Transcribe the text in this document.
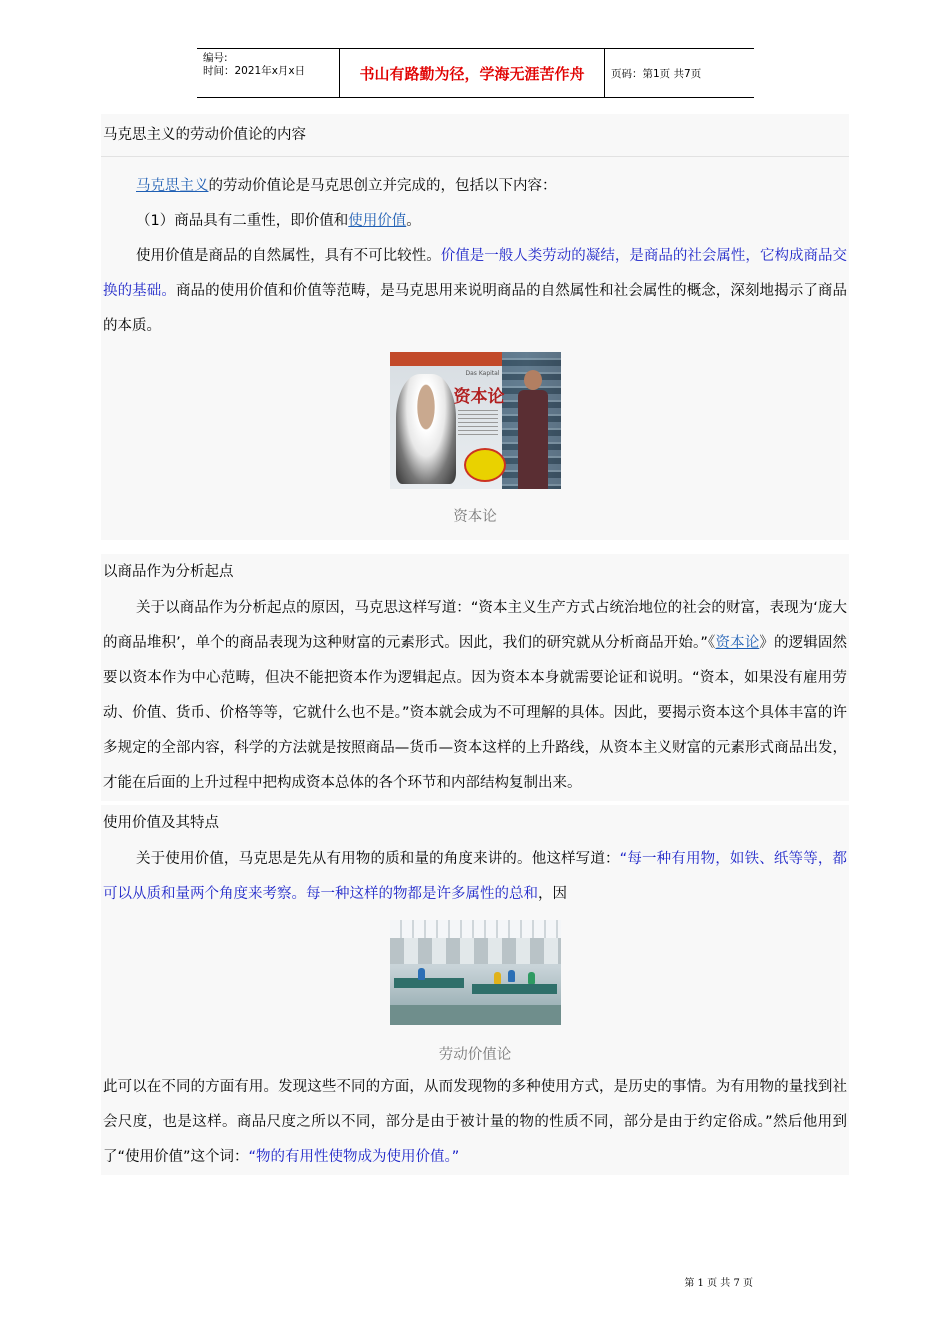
编号:
时间：2021年x月x日	书山有路勤为径，学海无涯苦作舟	页码：第1页 共7页
马克思主义的劳动价值论的内容

马克思主义的劳动价值论是马克思创立并完成的，包括以下内容：

（1）商品具有二重性，即价值和使用价值。

使用价值是商品的自然属性，具有不可比较性。价值是一般人类劳动的凝结，是商品的社会属性，它构成商品交换的基础。商品的使用价值和价值等范畴，是马克思用来说明商品的自然属性和社会属性的概念，深刻地揭示了商品的本质。

Das Kapital
资本论
资本论
以商品作为分析起点

关于以商品作为分析起点的原因，马克思这样写道：“资本主义生产方式占统治地位的社会的财富，表现为‘庞大的商品堆积’，单个的商品表现为这种财富的元素形式。因此，我们的研究就从分析商品开始。”《资本论》的逻辑固然要以资本作为中心范畴，但决不能把资本作为逻辑起点。因为资本本身就需要论证和说明。“资本，如果没有雇用劳动、价值、货币、价格等等，它就什么也不是。”资本就会成为不可理解的具体。因此，要揭示资本这个具体丰富的许多规定的全部内容，科学的方法就是按照商品—货币—资本这样的上升路线，从资本主义财富的元素形式商品出发，才能在后面的上升过程中把构成资本总体的各个环节和内部结构复制出来。

使用价值及其特点

关于使用价值，马克思是先从有用物的质和量的角度来讲的。他这样写道：“每一种有用物，如铁、纸等等，都可以从质和量两个角度来考察。每一种这样的物都是许多属性的总和，因

劳动价值论

此可以在不同的方面有用。发现这些不同的方面，从而发现物的多种使用方式，是历史的事情。为有用物的量找到社会尺度，也是这样。商品尺度之所以不同，部分是由于被计量的物的性质不同，部分是由于约定俗成。”然后他用到了“使用价值”这个词：“物的有用性使物成为使用价值。”

第 1 页 共 7 页
